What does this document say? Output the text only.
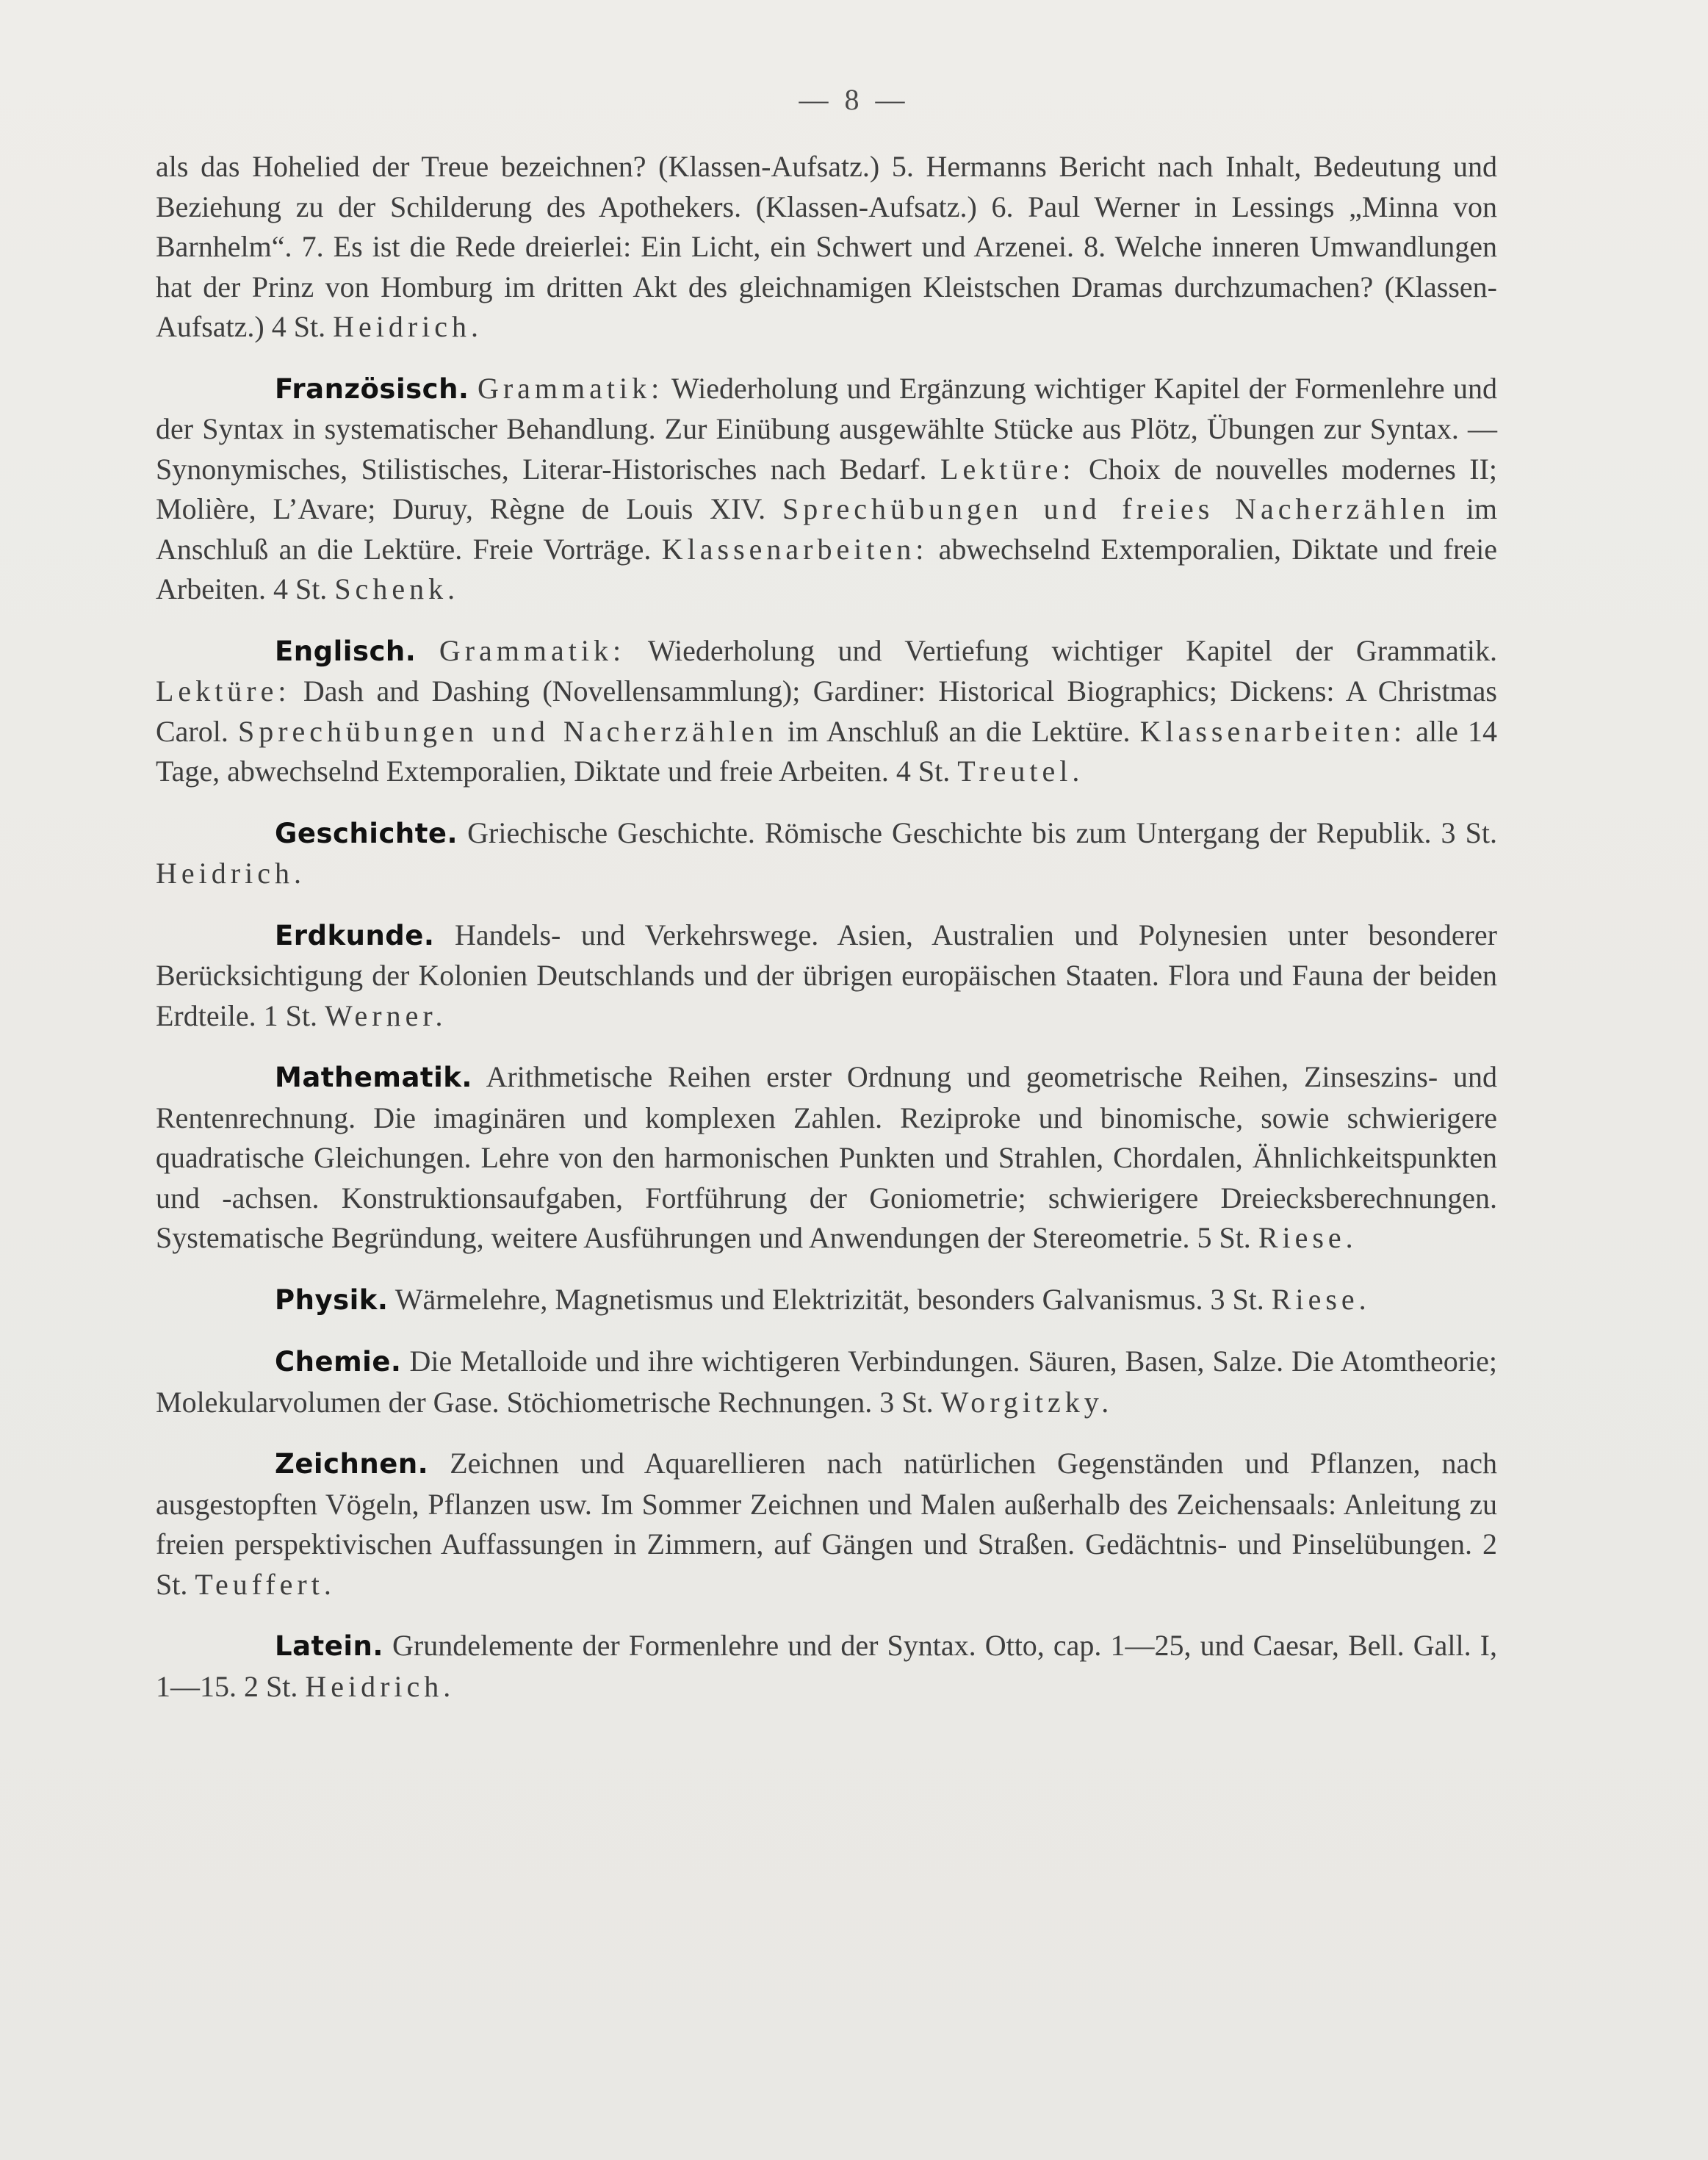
— 8 —

als das Hohelied der Treue bezeichnen? (Klassen-Aufsatz.) 5. Hermanns Bericht nach Inhalt, Bedeutung und Beziehung zu der Schilderung des Apothekers. (Klassen-Aufsatz.) 6. Paul Werner in Lessings „Minna von Barnhelm“. 7. Es ist die Rede dreierlei: Ein Licht, ein Schwert und Arzenei. 8. Welche inneren Umwandlungen hat der Prinz von Homburg im dritten Akt des gleichnamigen Kleistschen Dramas durchzumachen? (Klassen-Aufsatz.) 4 St. Heidrich.

Französisch. Grammatik: Wiederholung und Ergänzung wichtiger Kapitel der Formenlehre und der Syntax in systematischer Behandlung. Zur Einübung ausgewählte Stücke aus Plötz, Übungen zur Syntax. — Synonymisches, Stilistisches, Literar-Historisches nach Bedarf. Lektüre: Choix de nouvelles modernes II; Molière, L’Avare; Duruy, Règne de Louis XIV. Sprechübungen und freies Nacherzählen im Anschluß an die Lektüre. Freie Vorträge. Klassenarbeiten: abwechselnd Extemporalien, Diktate und freie Arbeiten. 4 St. Schenk.

Englisch. Grammatik: Wiederholung und Vertiefung wichtiger Kapitel der Grammatik. Lektüre: Dash and Dashing (Novellensammlung); Gardiner: Historical Biographics; Dickens: A Christmas Carol. Sprechübungen und Nacherzählen im Anschluß an die Lektüre. Klassenarbeiten: alle 14 Tage, abwechselnd Extemporalien, Diktate und freie Arbeiten. 4 St. Treutel.

Geschichte. Griechische Geschichte. Römische Geschichte bis zum Untergang der Republik. 3 St. Heidrich.

Erdkunde. Handels- und Verkehrswege. Asien, Australien und Polynesien unter besonderer Berücksichtigung der Kolonien Deutschlands und der übrigen europäischen Staaten. Flora und Fauna der beiden Erdteile. 1 St. Werner.

Mathematik. Arithmetische Reihen erster Ordnung und geometrische Reihen, Zinseszins- und Rentenrechnung. Die imaginären und komplexen Zahlen. Reziproke und binomische, sowie schwierigere quadratische Gleichungen. Lehre von den harmonischen Punkten und Strahlen, Chordalen, Ähnlichkeitspunkten und -achsen. Konstruktionsaufgaben, Fortführung der Goniometrie; schwierigere Dreiecksberechnungen. Systematische Begründung, weitere Ausführungen und Anwendungen der Stereometrie. 5 St. Riese.

Physik. Wärmelehre, Magnetismus und Elektrizität, besonders Galvanismus. 3 St. Riese.

Chemie. Die Metalloide und ihre wichtigeren Verbindungen. Säuren, Basen, Salze. Die Atomtheorie; Molekularvolumen der Gase. Stöchiometrische Rechnungen. 3 St. Worgitzky.

Zeichnen. Zeichnen und Aquarellieren nach natürlichen Gegenständen und Pflanzen, nach ausgestopften Vögeln, Pflanzen usw. Im Sommer Zeichnen und Malen außerhalb des Zeichensaals: Anleitung zu freien perspektivischen Auffassungen in Zimmern, auf Gängen und Straßen. Gedächtnis- und Pinselübungen. 2 St. Teuffert.

Latein. Grundelemente der Formenlehre und der Syntax. Otto, cap. 1—25, und Caesar, Bell. Gall. I, 1—15. 2 St. Heidrich.
